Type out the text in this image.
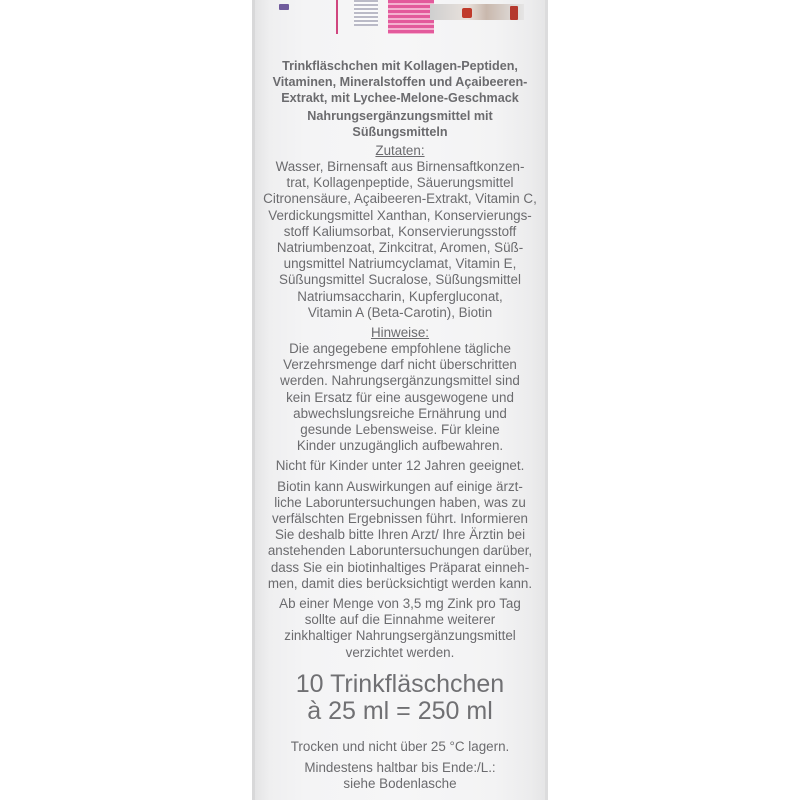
Trinkfläschchen mit Kollagen-Peptiden,
Vitaminen, Mineralstoffen und Açaibeeren-
Extrakt, mit Lychee-Melone-Geschmack
Nahrungsergänzungsmittel mit
Süßungsmitteln
Zutaten:
Wasser, Birnensaft aus Birnensaftkonzen-
trat, Kollagenpeptide, Säuerungsmittel
Citronensäure, Açaibeeren-Extrakt, Vitamin C,
Verdickungsmittel Xanthan, Konservierungs-
stoff Kaliumsorbat, Konservierungsstoff
Natriumbenzoat, Zinkcitrat, Aromen, Süß-
ungsmittel Natriumcyclamat, Vitamin E,
Süßungsmittel Sucralose, Süßungsmittel
Natriumsaccharin, Kupfergluconat,
Vitamin A (Beta-Carotin), Biotin
Hinweise:
Die angegebene empfohlene tägliche
Verzehrsmenge darf nicht überschritten
werden. Nahrungsergänzungsmittel sind
kein Ersatz für eine ausgewogene und
abwechslungsreiche Ernährung und
gesunde Lebensweise. Für kleine
Kinder unzugänglich aufbewahren.
Nicht für Kinder unter 12 Jahren geeignet.
Biotin kann Auswirkungen auf einige ärzt-
liche Laboruntersuchungen haben, was zu
verfälschten Ergebnissen führt. Informieren
Sie deshalb bitte Ihren Arzt/ Ihre Ärztin bei
anstehenden Laboruntersuchungen darüber,
dass Sie ein biotinhaltiges Präparat einneh-
men, damit dies berücksichtigt werden kann.
Ab einer Menge von 3,5 mg Zink pro Tag
sollte auf die Einnahme weiterer
zinkhaltiger Nahrungsergänzungsmittel
verzichtet werden.
10 Trinkfläschchen
à 25 ml = 250 ml
Trocken und nicht über 25 °C lagern.
Mindestens haltbar bis Ende:/L.:
siehe Bodenlasche
